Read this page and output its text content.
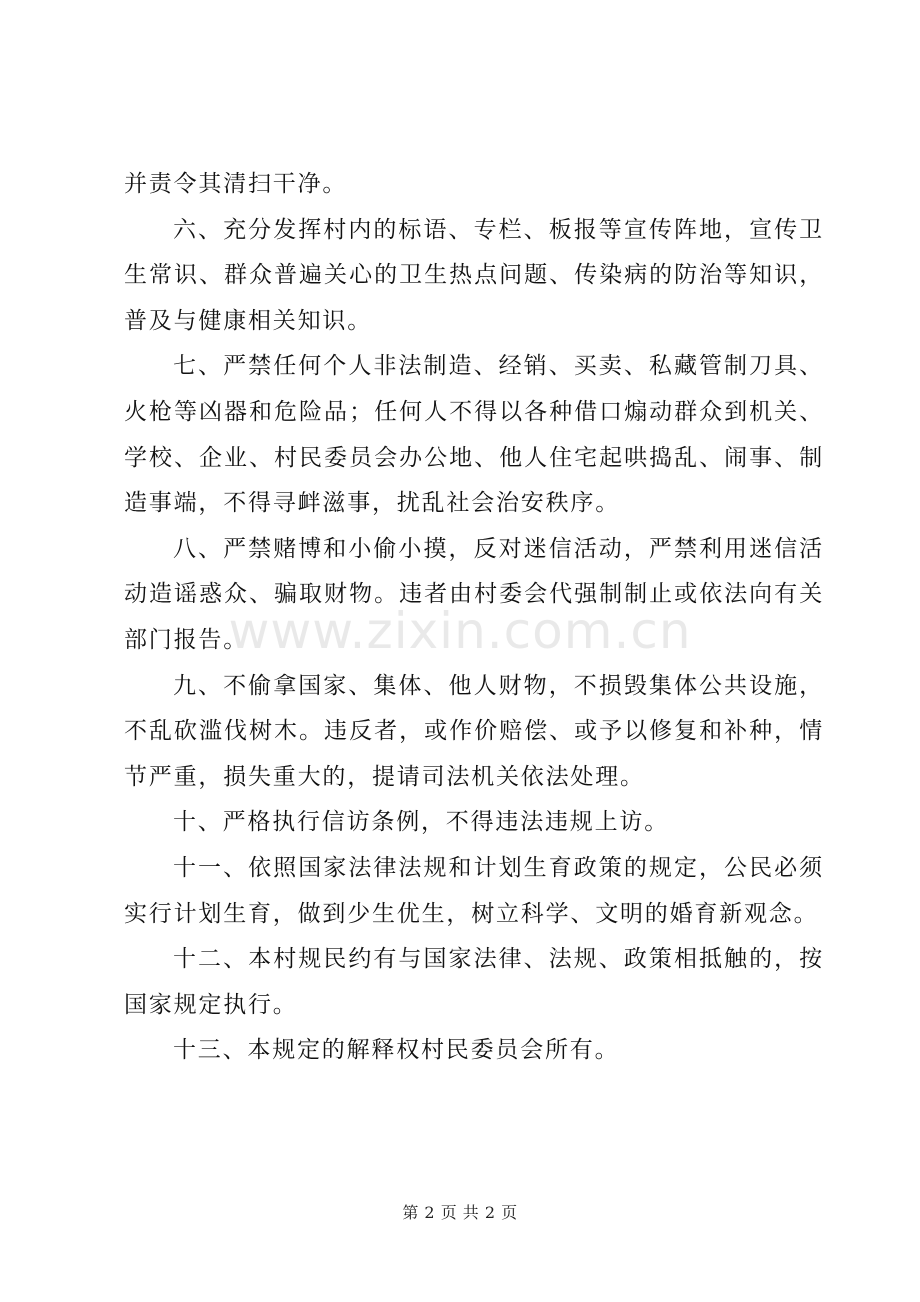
并责令其清扫干净。

六、充分发挥村内的标语、专栏、板报等宣传阵地，宣传卫生常识、群众普遍关心的卫生热点问题、传染病的防治等知识，普及与健康相关知识。

七、严禁任何个人非法制造、经销、买卖、私藏管制刀具、火枪等凶器和危险品；任何人不得以各种借口煽动群众到机关、学校、企业、村民委员会办公地、他人住宅起哄捣乱、闹事、制造事端，不得寻衅滋事，扰乱社会治安秩序。

八、严禁赌博和小偷小摸，反对迷信活动，严禁利用迷信活动造谣惑众、骗取财物。违者由村委会代强制制止或依法向有关部门报告。

九、不偷拿国家、集体、他人财物，不损毁集体公共设施，不乱砍滥伐树木。违反者，或作价赔偿、或予以修复和补种，情节严重，损失重大的，提请司法机关依法处理。

十、严格执行信访条例，不得违法违规上访。

十一、依照国家法律法规和计划生育政策的规定，公民必须实行计划生育，做到少生优生，树立科学、文明的婚育新观念。

十二、本村规民约有与国家法律、法规、政策相抵触的，按国家规定执行。

十三、本规定的解释权村民委员会所有。

www.zixin.com.cn
第 2 页 共 2 页
